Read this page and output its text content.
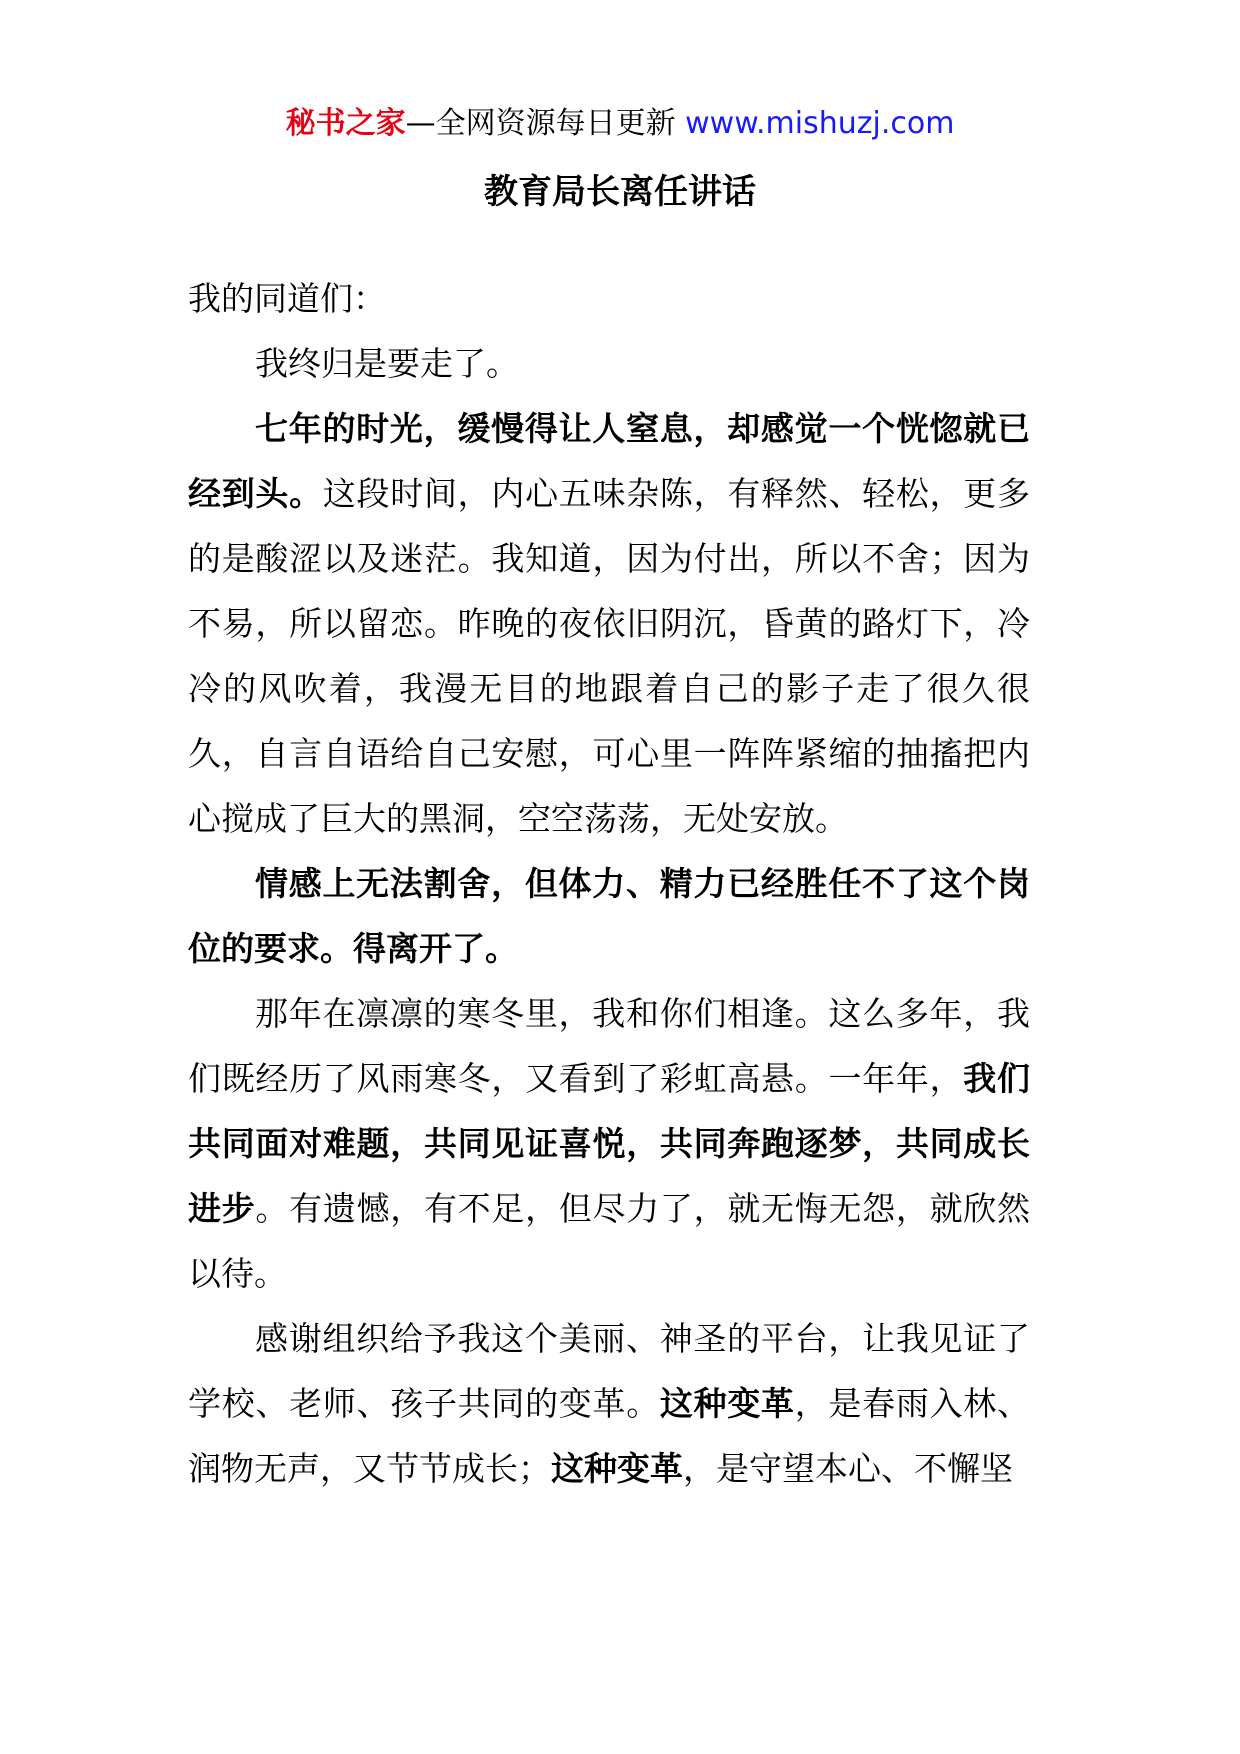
秘书之家—全网资源每日更新 www.mishuzj.com
教育局长离任讲话

我的同道们：

我终归是要走了。

七年的时光，缓慢得让人窒息，却感觉一个恍惚就已经到头。这段时间，内心五味杂陈，有释然、轻松，更多的是酸涩以及迷茫。我知道，因为付出，所以不舍；因为不易，所以留恋。昨晚的夜依旧阴沉，昏黄的路灯下，冷冷的风吹着，我漫无目的地跟着自己的影子走了很久很久，自言自语给自己安慰，可心里一阵阵紧缩的抽搐把内心搅成了巨大的黑洞，空空荡荡，无处安放。

情感上无法割舍，但体力、精力已经胜任不了这个岗位的要求。得离开了。

那年在凛凛的寒冬里，我和你们相逢。这么多年，我们既经历了风雨寒冬，又看到了彩虹高悬。一年年，我们共同面对难题，共同见证喜悦，共同奔跑逐梦，共同成长进步。有遗憾，有不足，但尽力了，就无悔无怨，就欣然以待。

感谢组织给予我这个美丽、神圣的平台，让我见证了学校、老师、孩子共同的变革。这种变革，是春雨入林、润物无声，又节节成长；这种变革，是守望本心、不懈坚
